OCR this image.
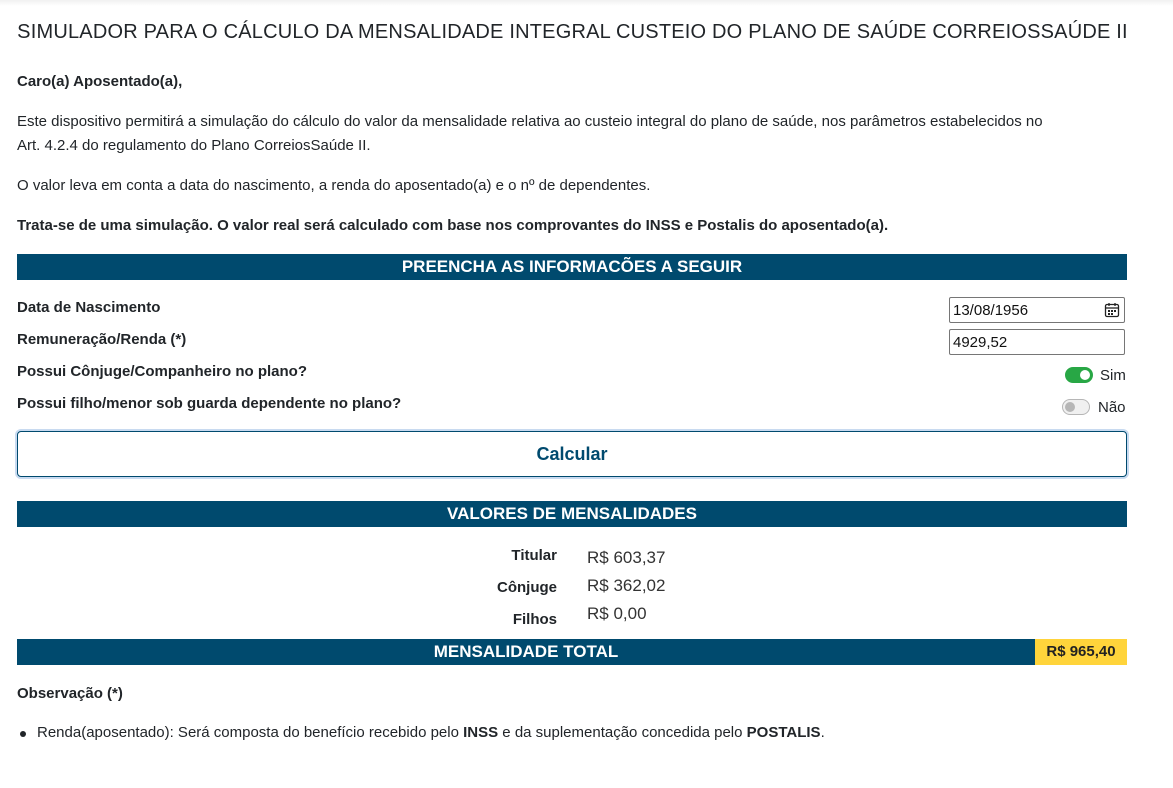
SIMULADOR PARA O CÁLCULO DA MENSALIDADE INTEGRAL CUSTEIO DO PLANO DE SAÚDE CORREIOSSAÚDE II
Caro(a) Aposentado(a),
Este dispositivo permitirá a simulação do cálculo do valor da mensalidade relativa ao custeio integral do plano de saúde, nos parâmetros estabelecidos no
Art. 4.2.4 do regulamento do Plano CorreiosSaúde II.
O valor leva em conta a data do nascimento, a renda do aposentado(a) e o nº de dependentes.
Trata-se de uma simulação. O valor real será calculado com base nos comprovantes do INSS e Postalis do aposentado(a).
PREENCHA AS INFORMACÕES A SEGUIR
Data de Nascimento	13/08/1956
Remuneração/Renda (*)	4929,52
Possui Cônjuge/Companheiro no plano?	Sim
Possui filho/menor sob guarda dependente no plano?	Não
Calcular
VALORES DE MENSALIDADES
Titular R$ 603,37
Cônjuge R$ 362,02
Filhos R$ 0,00
MENSALIDADE TOTAL	R$ 965,40
Observação (*)
Renda(aposentado): Será composta do benefício recebido pelo INSS e da suplementação concedida pelo POSTALIS.
